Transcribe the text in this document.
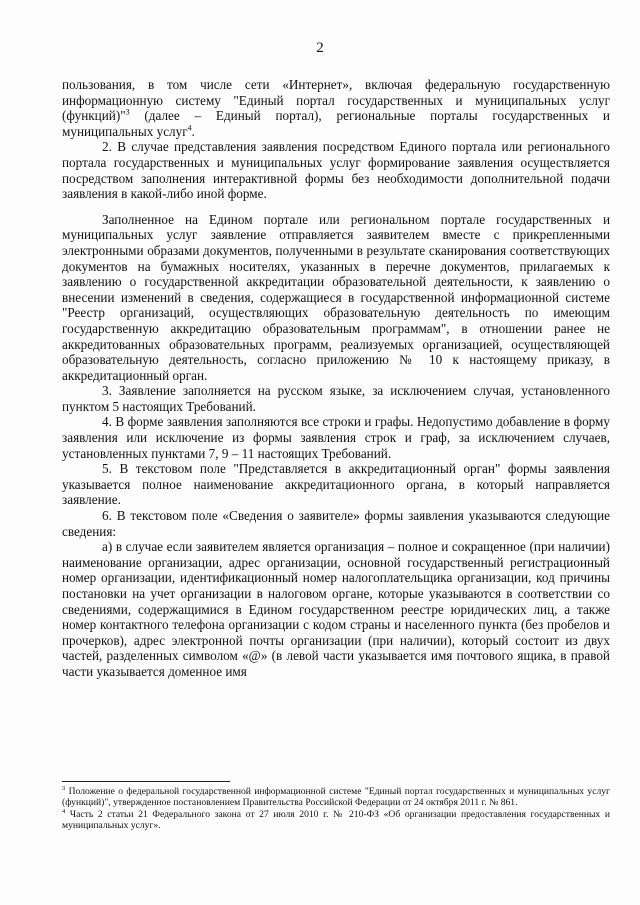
2

пользования, в том числе сети «Интернет», включая федеральную государственную информационную систему "Единый портал государственных и муниципальных услуг (функций)"$^3$ (далее – Единый портал), региональные порталы государственных и муниципальных услуг$^4$.

2. В случае представления заявления посредством Единого портала или регионального портала государственных и муниципальных услуг формирование заявления осуществляется посредством заполнения интерактивной формы без необходимости дополнительной подачи заявления в какой-либо иной форме.

Заполненное на Едином портале или региональном портале государственных и муниципальных услуг заявление отправляется заявителем вместе с прикрепленными электронными образами документов, полученными в результате сканирования соответствующих документов на бумажных носителях, указанных в перечне документов, прилагаемых к заявлению о государственной аккредитации образовательной деятельности, к заявлению о внесении изменений в сведения, содержащиеся в государственной информационной системе "Реестр организаций, осуществляющих образовательную деятельность по имеющим государственную аккредитацию образовательным программам", в отношении ранее не аккредитованных образовательных программ, реализуемых организацией, осуществляющей образовательную деятельность, согласно приложению № 10 к настоящему приказу, в аккредитационный орган.

3. Заявление заполняется на русском языке, за исключением случая, установленного пунктом 5 настоящих Требований.

4. В форме заявления заполняются все строки и графы. Недопустимо добавление в форму заявления или исключение из формы заявления строк и граф, за исключением случаев, установленных пунктами 7, 9 – 11 настоящих Требований.

5. В текстовом поле "Представляется в аккредитационный орган" формы заявления указывается полное наименование аккредитационного органа, в который направляется заявление.

6. В текстовом поле «Сведения о заявителе» формы заявления указываются следующие сведения:

а) в случае если заявителем является организация – полное и сокращенное (при наличии) наименование организации, адрес организации, основной государственный регистрационный номер организации, идентификационный номер налогоплательщика организации, код причины постановки на учет организации в налоговом органе, которые указываются в соответствии со сведениями, содержащимися в Едином государственном реестре юридических лиц, а также номер контактного телефона организации с кодом страны и населенного пункта (без пробелов и прочерков), адрес электронной почты организации (при наличии), который состоит из двух частей, разделенных символом «@» (в левой части указывается имя почтового ящика, в правой части указывается доменное имя

$^3$ Положение о федеральной государственной информационной системе "Единый портал государственных и муниципальных услуг (функций)", утвержденное постановлением Правительства Российской Федерации от 24 октября 2011 г. № 861.

$^4$ Часть 2 статьи 21 Федерального закона от 27 июля 2010 г. № 210-ФЗ «Об организации предоставления государственных и муниципальных услуг».
